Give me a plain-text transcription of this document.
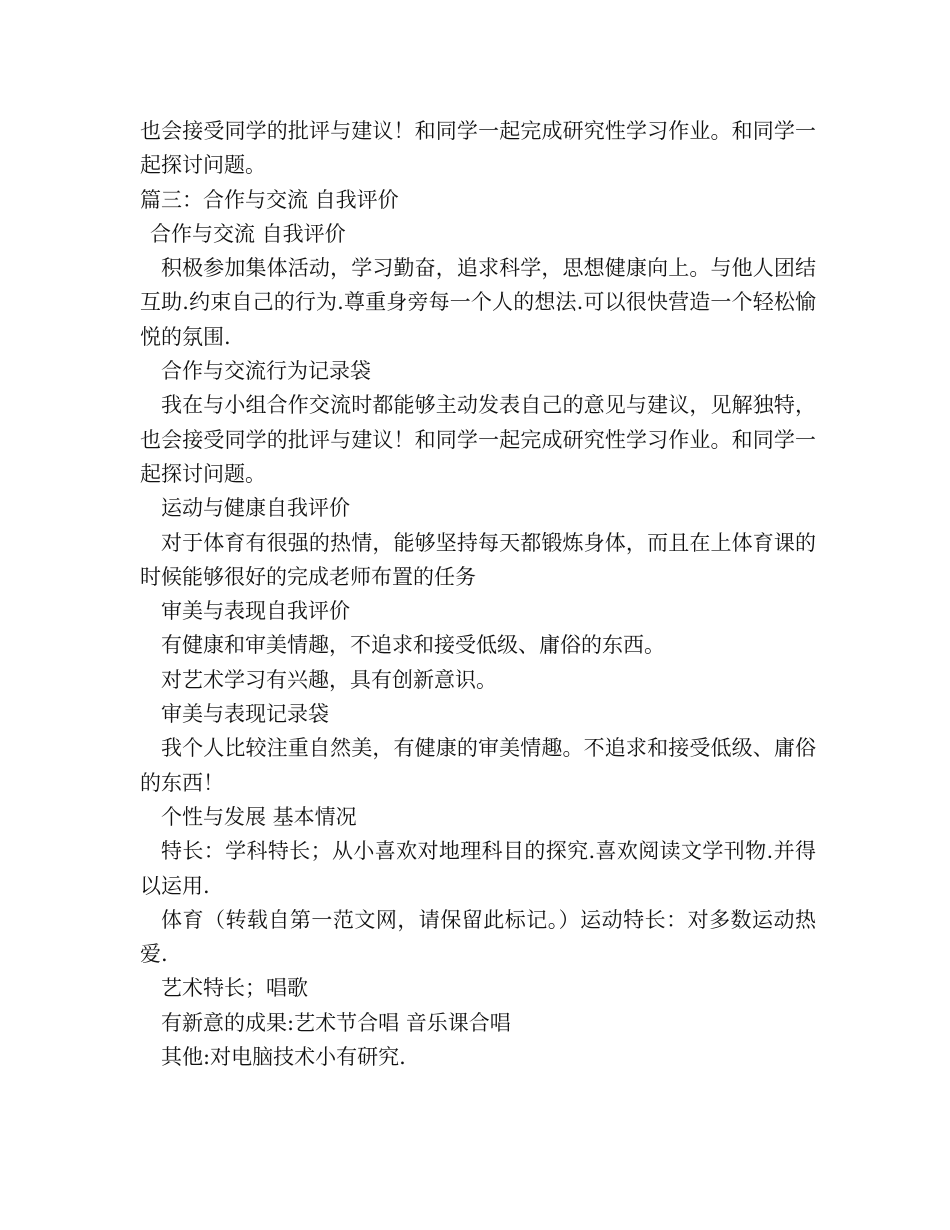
也会接受同学的批评与建议！和同学一起完成研究性学习作业。和同学一起探讨问题。

篇三：合作与交流 自我评价

合作与交流 自我评价

积极参加集体活动，学习勤奋，追求科学，思想健康向上。与他人团结互助.约束自己的行为.尊重身旁每一个人的想法.可以很快营造一个轻松愉悦的氛围.

合作与交流行为记录袋

我在与小组合作交流时都能够主动发表自己的意见与建议，见解独特，也会接受同学的批评与建议！和同学一起完成研究性学习作业。和同学一起探讨问题。

运动与健康自我评价

对于体育有很强的热情，能够坚持每天都锻炼身体，而且在上体育课的时候能够很好的完成老师布置的任务

审美与表现自我评价

有健康和审美情趣，不追求和接受低级、庸俗的东西。

对艺术学习有兴趣，具有创新意识。

审美与表现记录袋

我个人比较注重自然美，有健康的审美情趣。不追求和接受低级、庸俗的东西！

个性与发展 基本情况

特长：学科特长；从小喜欢对地理科目的探究.喜欢阅读文学刊物.并得以运用.

体育（转载自第一范文网，请保留此标记。）运动特长：对多数运动热爱.

艺术特长；唱歌

有新意的成果:艺术节合唱 音乐课合唱

其他:对电脑技术小有研究.
